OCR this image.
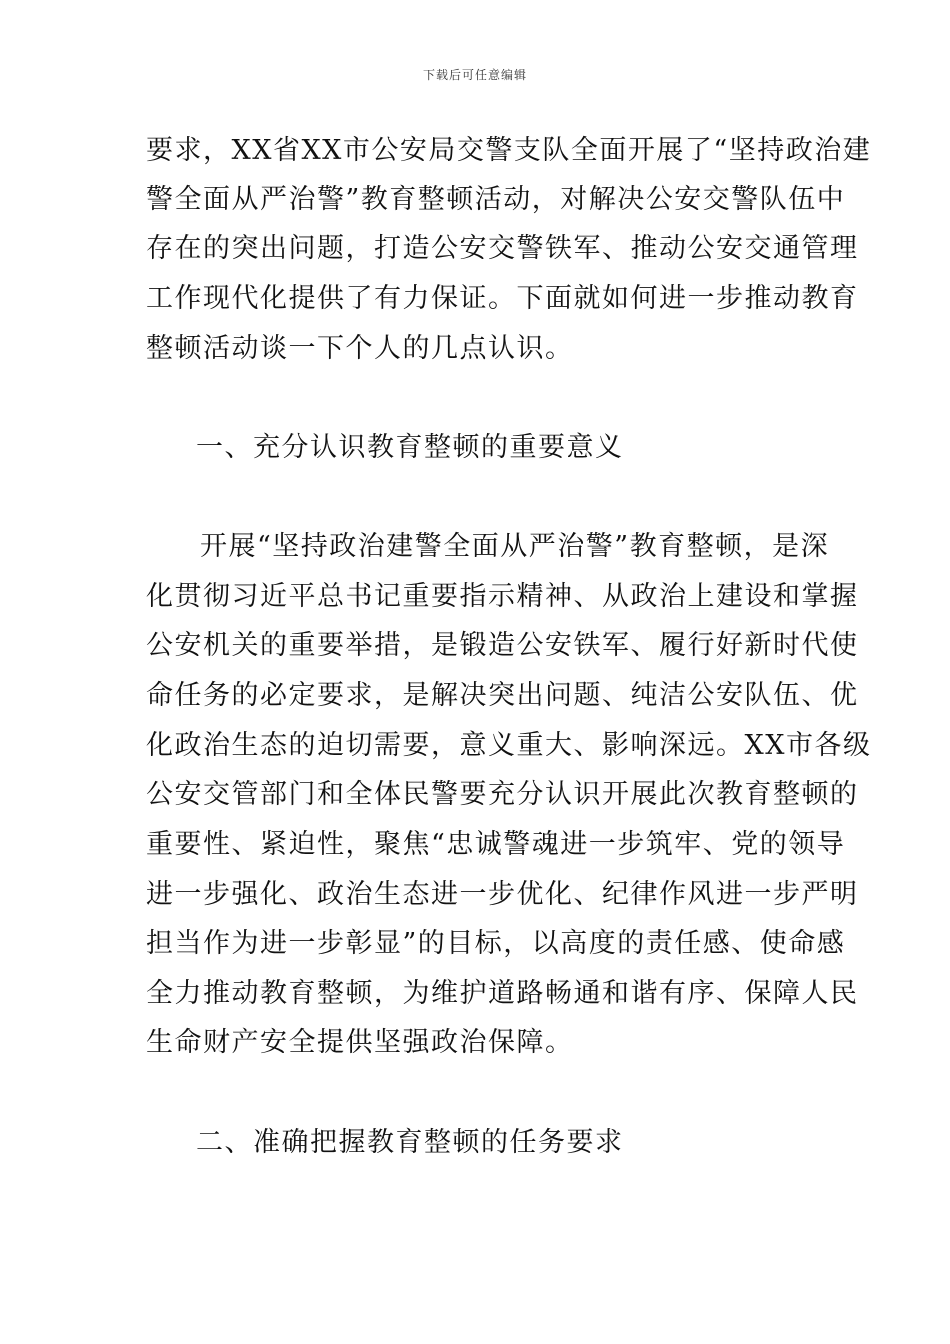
下载后可任意编辑
要求，XX省XX市公安局交警支队全面开展了“坚持政治建
警全面从严治警”教育整顿活动，对解决公安交警队伍中
存在的突出问题，打造公安交警铁军、推动公安交通管理
工作现代化提供了有力保证。下面就如何进一步推动教育
整顿活动谈一下个人的几点认识。
一、充分认识教育整顿的重要意义
开展“坚持政治建警全面从严治警”教育整顿，是深
化贯彻习近平总书记重要指示精神、从政治上建设和掌握
公安机关的重要举措，是锻造公安铁军、履行好新时代使
命任务的必定要求，是解决突出问题、纯洁公安队伍、优
化政治生态的迫切需要，意义重大、影响深远。XX市各级
公安交管部门和全体民警要充分认识开展此次教育整顿的
重要性、紧迫性，聚焦“忠诚警魂进一步筑牢、党的领导
进一步强化、政治生态进一步优化、纪律作风进一步严明
担当作为进一步彰显”的目标，以高度的责任感、使命感
全力推动教育整顿，为维护道路畅通和谐有序、保障人民
生命财产安全提供坚强政治保障。
二、准确把握教育整顿的任务要求
